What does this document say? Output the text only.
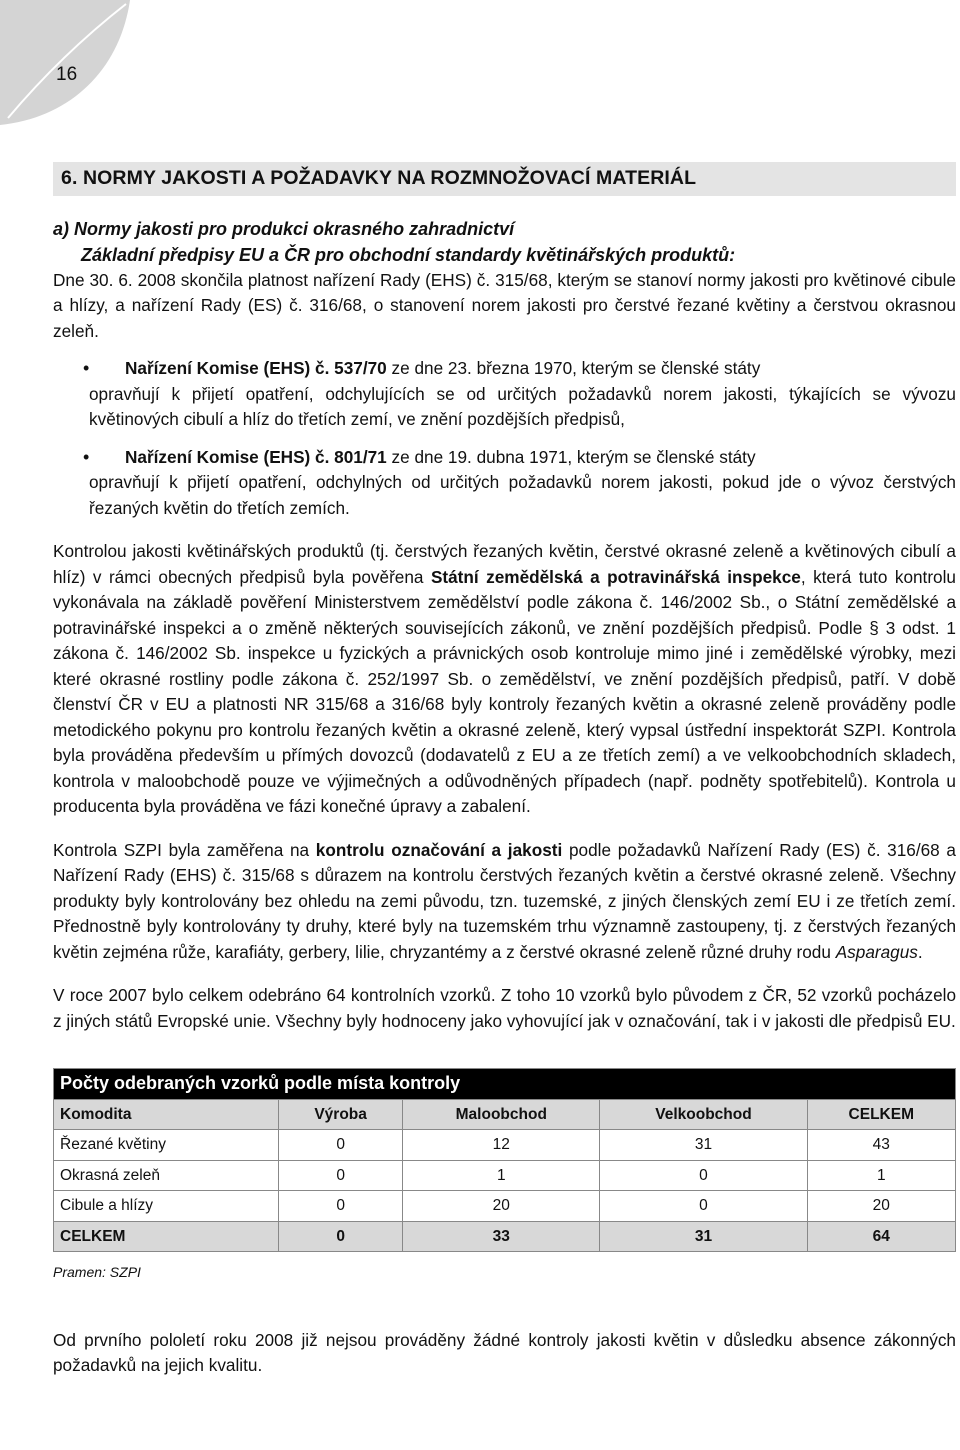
16
6. NORMY JAKOSTI A POŽADAVKY NA ROZMNOŽOVACÍ MATERIÁL
a) Normy jakosti pro produkci okrasného zahradnictví
Základní předpisy EU a ČR pro obchodní standardy květinářských produktů:

Dne 30. 6. 2008 skončila platnost nařízení Rady (EHS) č. 315/68, kterým se stanoví normy jakosti pro květinové cibule a hlízy, a nařízení Rady (ES) č. 316/68, o stanovení norem jakosti pro čerstvé řezané květiny a čerstvou okrasnou zeleň.

• Nařízení Komise (EHS) č. 537/70 ze dne 23. března 1970, kterým se členské státy
opravňují k přijetí opatření, odchylujících se od určitých požadavků norem jakosti, týkajících se vývozu květinových cibulí a hlíz do třetích zemí, ve znění pozdějších předpisů,
• Nařízení Komise (EHS) č. 801/71 ze dne 19. dubna 1971, kterým se členské státy
opravňují k přijetí opatření, odchylných od určitých požadavků norem jakosti, pokud jde o vývoz čerstvých řezaných květin do třetích zemích.

Kontrolou jakosti květinářských produktů (tj. čerstvých řezaných květin, čerstvé okrasné zeleně a květinových cibulí a hlíz) v rámci obecných předpisů byla pověřena Státní zemědělská a potravinářská inspekce, která tuto kontrolu vykonávala na základě pověření Ministerstvem zemědělství podle zákona č. 146/2002 Sb., o Státní zemědělské a potravinářské inspekci a o změně některých souvisejících zákonů, ve znění pozdějších předpisů. Podle § 3 odst. 1 zákona č. 146/2002 Sb. inspekce u fyzických a právnických osob kontroluje mimo jiné i zemědělské výrobky, mezi které okrasné rostliny podle zákona č. 252/1997 Sb. o zemědělství, ve znění pozdějších předpisů, patří. V době členství ČR v EU a platnosti NR 315/68 a 316/68 byly kontroly řezaných květin a okrasné zeleně prováděny podle metodického pokynu pro kontrolu řezaných květin a okrasné zeleně, který vypsal ústřední inspektorát SZPI. Kontrola byla prováděna především u přímých dovozců (dodavatelů z EU a ze třetích zemí) a ve velkoobchodních skladech, kontrola v maloobchodě pouze ve výjimečných a odůvodněných případech (např. podněty spotřebitelů). Kontrola u producenta byla prováděna ve fázi konečné úpravy a zabalení.

Kontrola SZPI byla zaměřena na kontrolu označování a jakosti podle požadavků Nařízení Rady (ES) č. 316/68 a Nařízení Rady (EHS) č. 315/68 s důrazem na kontrolu čerstvých řezaných květin a čerstvé okrasné zeleně. Všechny produkty byly kontrolovány bez ohledu na zemi původu, tzn. tuzemské, z jiných členských zemí EU i ze třetích zemí. Přednostně byly kontrolovány ty druhy, které byly na tuzemském trhu významně zastoupeny, tj. z čerstvých řezaných květin zejména růže, karafiáty, gerbery, lilie, chryzantémy a z čerstvé okrasné zeleně různé druhy rodu Asparagus.

V roce 2007 bylo celkem odebráno 64 kontrolních vzorků. Z toho 10 vzorků bylo původem z ČR, 52 vzorků pocházelo z jiných států Evropské unie. Všechny byly hodnoceny jako vyhovující jak v označování, tak i v jakosti dle předpisů EU.

Počty odebraných vzorků podle místa kontroly				
Komodita	Výroba	Maloobchod	Velkoobchod	CELKEM
Řezané květiny	0	12	31	43
Okrasná zeleň	0	1	0	1
Cibule a hlízy	0	20	0	20
CELKEM	0	33	31	64
Pramen: SZPI

Od prvního pololetí roku 2008 již nejsou prováděny žádné kontroly jakosti květin v důsledku absence zákonných požadavků na jejich kvalitu.
